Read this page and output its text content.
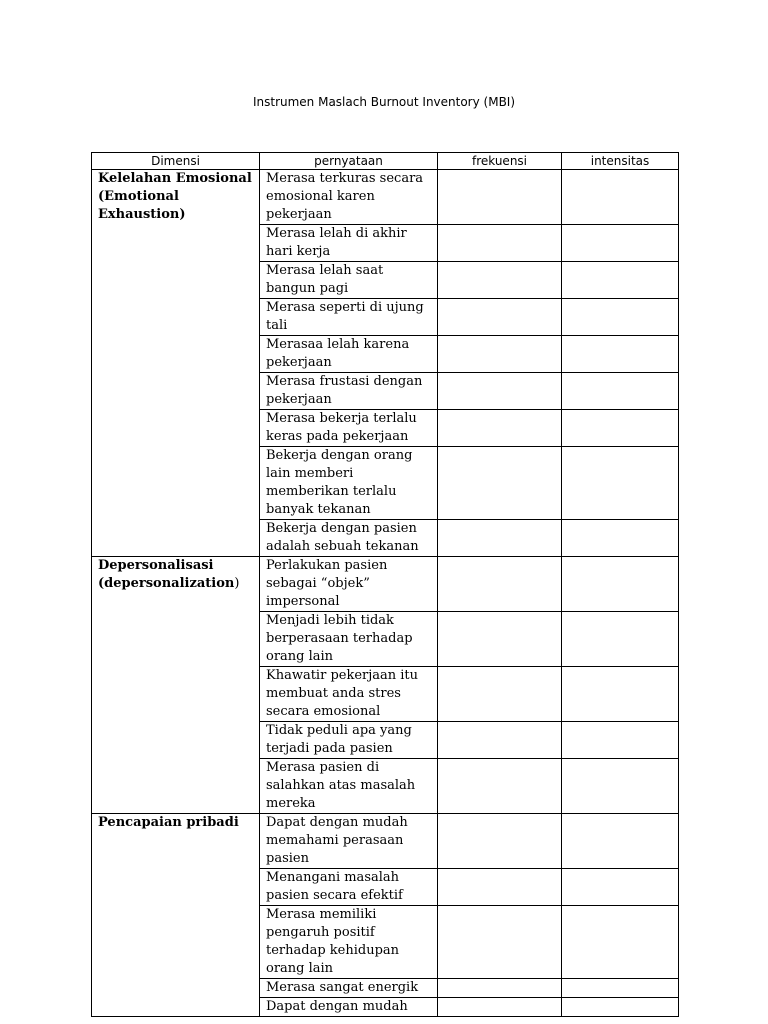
Instrumen Maslach Burnout Inventory (MBI)
Dimensi	pernyataan	frekuensi	intensitas

Kelelahan Emosional
(Emotional Exhaustion)	Merasa terkuras secara emosional karen pekerjaan		
	Merasa lelah di akhir hari kerja		
	Merasa lelah saat bangun pagi		
	Merasa seperti di ujung tali		
	Merasaa lelah karena pekerjaan		
	Merasa frustasi dengan pekerjaan		
	Merasa bekerja terlalu keras pada pekerjaan		
	Bekerja dengan orang lain memberi memberikan terlalu banyak tekanan		
	Bekerja dengan pasien adalah sebuah tekanan		

Depersonalisasi
(depersonalization)	Perlakukan pasien sebagai “objek” impersonal		
	Menjadi lebih tidak berperasaan terhadap orang lain		
	Khawatir pekerjaan itu membuat anda stres secara emosional		
	Tidak peduli apa yang terjadi pada pasien		
	Merasa pasien di salahkan atas masalah mereka		

Pencapaian pribadi	Dapat dengan mudah memahami perasaan pasien		
	Menangani masalah pasien secara efektif		
	Merasa memiliki pengaruh positif terhadap kehidupan orang lain		
	Merasa sangat energik		
	Dapat dengan mudah		
